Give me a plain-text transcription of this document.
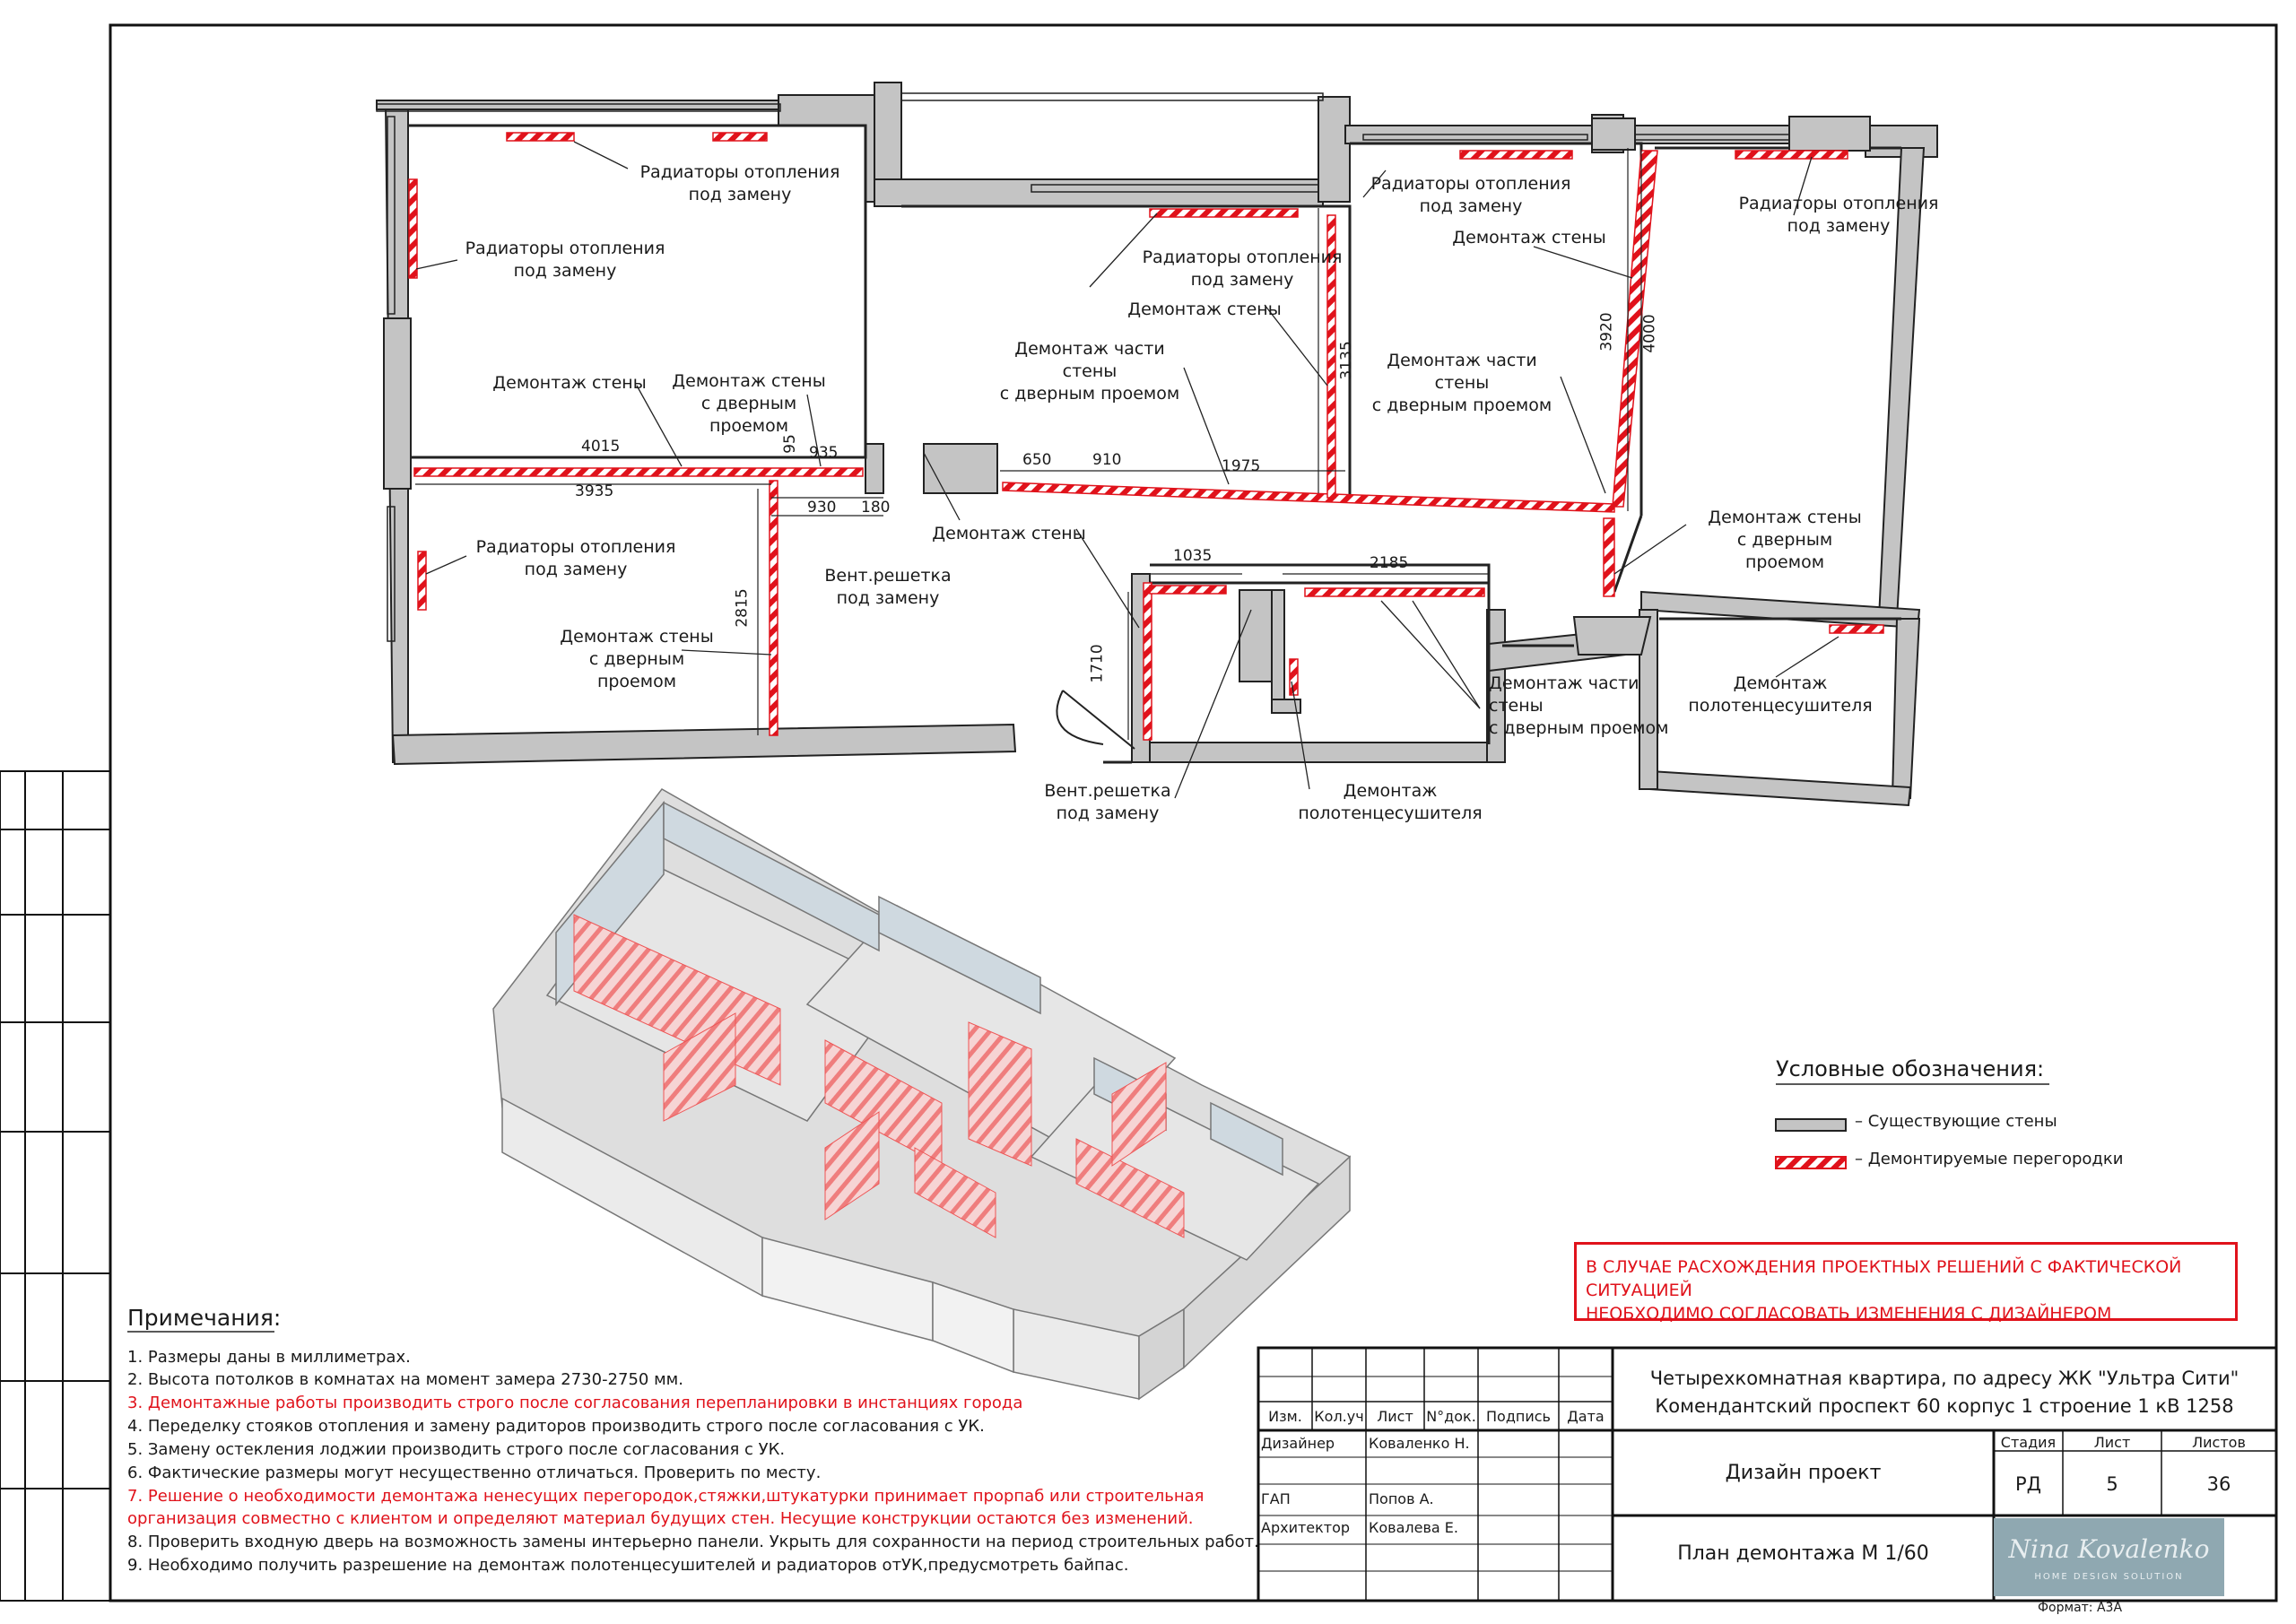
Радиаторы отопления
под замену
Радиаторы отопления
под замену
Радиаторы отопления
под замену
Радиаторы отопления
под замену
Радиаторы отопления
под замену	Радиаторы отопления
под замену
Демонтаж стены	Демонтаж стены
с дверным проемом
Демонтаж стены
Демонтаж части стены
с дверным проемом
Демонтаж стены
Демонтаж части стены
с дверным проемом
Демонтаж стены
с дверным проемом
Демонтаж стены
Вент.решетка
под замену
Вент.решетка
под замену
Демонтаж
полотенцесушителя
Демонтаж
полотенцесушителя
Демонтаж части
стены
с дверным проемом
Демонтаж стены
с дверным проемом
4015
3935
95 935
930 180
650	910	1975
3135
3920 4000
2815
1035	2185
1710
Условные обозначения:
– Существующие стены
– Демонтируемые перегородки
В СЛУЧАЕ РАСХОЖДЕНИЯ ПРОЕКТНЫХ РЕШЕНИЙ С ФАКТИЧЕСКОЙ СИТУАЦИЕЙ
НЕОБХОДИМО СОГЛАСОВАТЬ ИЗМЕНЕНИЯ С ДИЗАЙНЕРОМ
Примечания:
1. Размеры даны в миллиметрах.
2. Высота потолков в комнатах на момент замера 2730-2750 мм.
3. Демонтажные работы производить строго после согласования перепланировки в инстанциях города
4. Переделку стояков отопления и замену радиторов производить строго после согласования с УК.
5. Замену остекления лоджии производить строго после согласования с УК.
6. Фактические размеры могут несущественно отличаться. Проверить по месту.
7. Решение о необходимости демонтажа ненесущих перегородок,стяжки,штукатурки принимает прорпаб или строительная
организация совместно с клиентом и определяют материал будущих стен. Несущие конструкции остаются без изменений.
8. Проверить входную дверь на возможность замены интерьерно панели. Укрыть для сохранности на период строительных работ.
9. Необходимо получить разрешение на демонтаж полотенцесушителей и радиаторов отУК,предусмотреть байпас.
Изм. Кол.уч Лист N°док. Подпись	Дата
Дизайнер Коваленко Н.
ГАП	Попов А.
Архитектор Ковалева Е.
Четырехкомнатная квартира, по адресу ЖК "Ультра Сити"
Комендантский проспект 60 корпус 1 строение 1 кВ 1258
Дизайн проект
План демонтажа М 1/60
Стадия	Лист	Листов
РД	5	36
Nina Kovalenko
HOME DESIGN SOLUTION
Формат: А3А
